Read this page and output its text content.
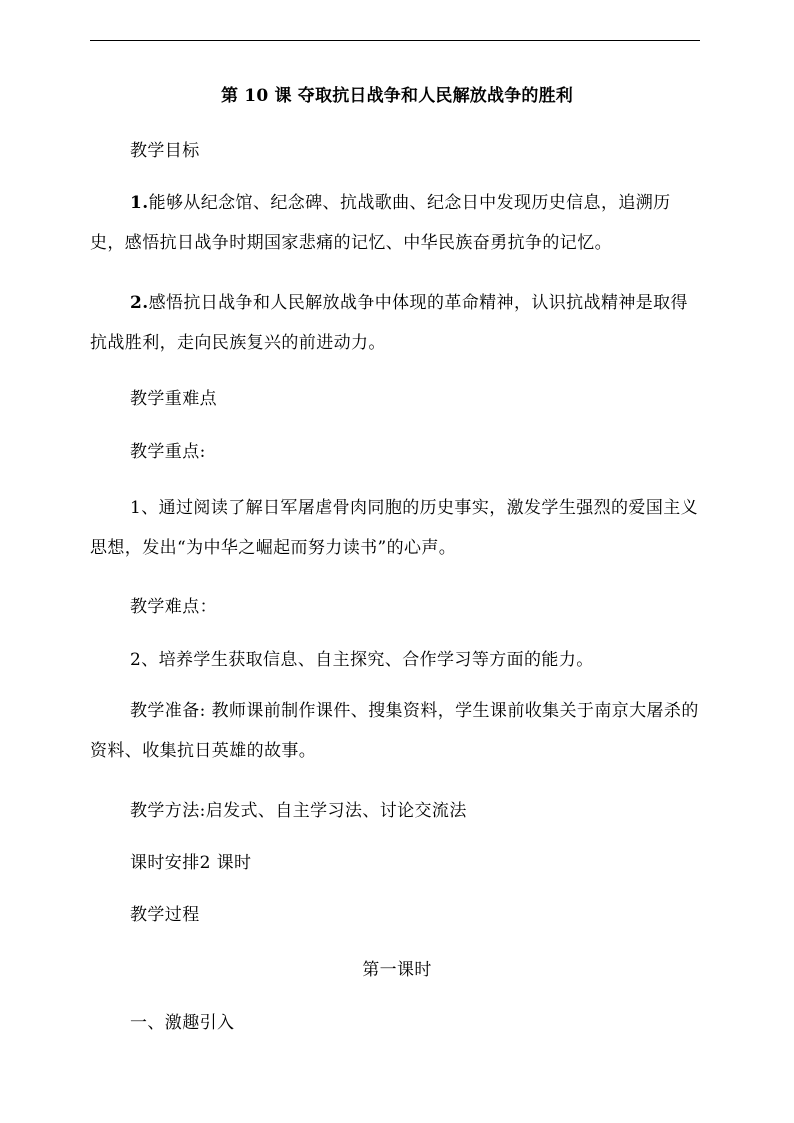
第 10 课 夺取抗日战争和人民解放战争的胜利

教学目标

1.能够从纪念馆、纪念碑、抗战歌曲、纪念日中发现历史信息，追溯历史，感悟抗日战争时期国家悲痛的记忆、中华民族奋勇抗争的记忆。

2.感悟抗日战争和人民解放战争中体现的革命精神，认识抗战精神是取得抗战胜利，走向民族复兴的前进动力。

教学重难点

教学重点:

1、通过阅读了解日军屠虐骨肉同胞的历史事实，激发学生强烈的爱国主义思想，发出“为中华之崛起而努力读书”的心声。

教学难点：

2、培养学生获取信息、自主探究、合作学习等方面的能力。

教学准备: 教师课前制作课件、搜集资料，学生课前收集关于南京大屠杀的资料、收集抗日英雄的故事。

教学方法:启发式、自主学习法、讨论交流法

课时安排2 课时

教学过程

第一课时

一、激趣引入
